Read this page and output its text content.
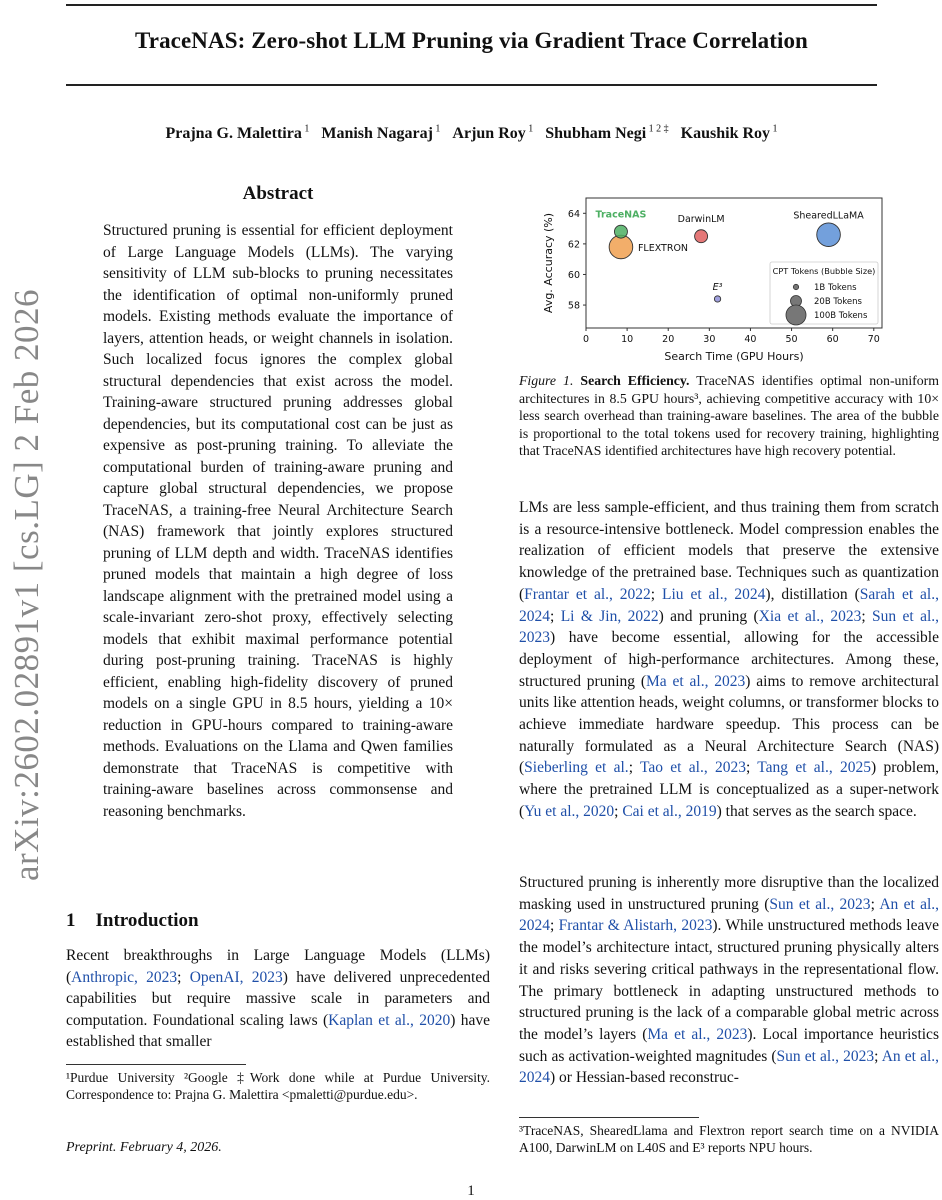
TraceNAS: Zero-shot LLM Pruning via Gradient Trace Correlation
Prajna G. Malettira $^1$ Manish Nagaraj $^1$ Arjun Roy $^1$ Shubham Negi $^{1 2 \ddagger}$ Kaushik Roy $^1$
arXiv:2602.02891v1 [cs.LG] 2 Feb 2026
Abstract
Structured pruning is essential for efficient deployment of Large Language Models (LLMs). The varying sensitivity of LLM sub-blocks to pruning necessitates the identification of optimal non-uniformly pruned models. Existing methods evaluate the importance of layers, attention heads, or weight channels in isolation. Such localized focus ignores the complex global structural dependencies that exist across the model. Training-aware structured pruning addresses global dependencies, but its computational cost can be just as expensive as post-pruning training. To alleviate the computational burden of training-aware pruning and capture global structural dependencies, we propose TraceNAS, a training-free Neural Architecture Search (NAS) framework that jointly explores structured pruning of LLM depth and width. TraceNAS identifies pruned models that maintain a high degree of loss landscape alignment with the pretrained model using a scale-invariant zero-shot proxy, effectively selecting models that exhibit maximal performance potential during post-pruning training. TraceNAS is highly efficient, enabling high-fidelity discovery of pruned models on a single GPU in 8.5 hours, yielding a 10× reduction in GPU-hours compared to training-aware methods. Evaluations on the Llama and Qwen families demonstrate that TraceNAS is competitive with training-aware baselines across commonsense and reasoning benchmarks.
1 Introduction
Recent breakthroughs in Large Language Models (LLMs) (Anthropic, 2023; OpenAI, 2023) have delivered unprecedented capabilities but require massive scale in parameters and computation. Foundational scaling laws (Kaplan et al., 2020) have established that smaller
¹Purdue University ²Google ‡Work done while at Purdue University. Correspondence to: Prajna G. Malettira <pmaletti@purdue.edu>.
Preprint. February 4, 2026.
1
0	10	20	30	40	50	60	70
58
60
62
64 TraceNAS
FLEXTRON
DarwinLM	ShearedLLaMA
E³
Search Time (GPU Hours)
Avg. Accuracy (%)	CPT Tokens (Bubble Size)
1B Tokens
20B Tokens
100B Tokens
Figure 1. Search Efficiency. TraceNAS identifies optimal non-uniform architectures in 8.5 GPU hours³, achieving competitive accuracy with 10× less search overhead than training-aware baselines. The area of the bubble is proportional to the total tokens used for recovery training, highlighting that TraceNAS identified architectures have high recovery potential.
LMs are less sample-efficient, and thus training them from scratch is a resource-intensive bottleneck. Model compression enables the realization of efficient models that preserve the extensive knowledge of the pretrained base. Techniques such as quantization (Frantar et al., 2022; Liu et al., 2024), distillation (Sarah et al., 2024; Li & Jin, 2022) and pruning (Xia et al., 2023; Sun et al., 2023) have become essential, allowing for the accessible deployment of high-performance architectures. Among these, structured pruning (Ma et al., 2023) aims to remove architectural units like attention heads, weight columns, or transformer blocks to achieve immediate hardware speedup. This process can be naturally formulated as a Neural Architecture Search (NAS) (Sieberling et al.; Tao et al., 2023; Tang et al., 2025) problem, where the pretrained LLM is conceptualized as a super-network (Yu et al., 2020; Cai et al., 2019) that serves as the search space.
Structured pruning is inherently more disruptive than the localized masking used in unstructured pruning (Sun et al., 2023; An et al., 2024; Frantar & Alistarh, 2023). While unstructured methods leave the model’s architecture intact, structured pruning physically alters it and risks severing critical pathways in the representational flow. The primary bottleneck in adapting unstructured methods to structured pruning is the lack of a comparable global metric across the model’s layers (Ma et al., 2023). Local importance heuristics such as activation-weighted magnitudes (Sun et al., 2023; An et al., 2024) or Hessian-based reconstruc-
³TraceNAS, ShearedLlama and Flextron report search time on a NVIDIA A100, DarwinLM on L40S and E³ reports NPU hours.
